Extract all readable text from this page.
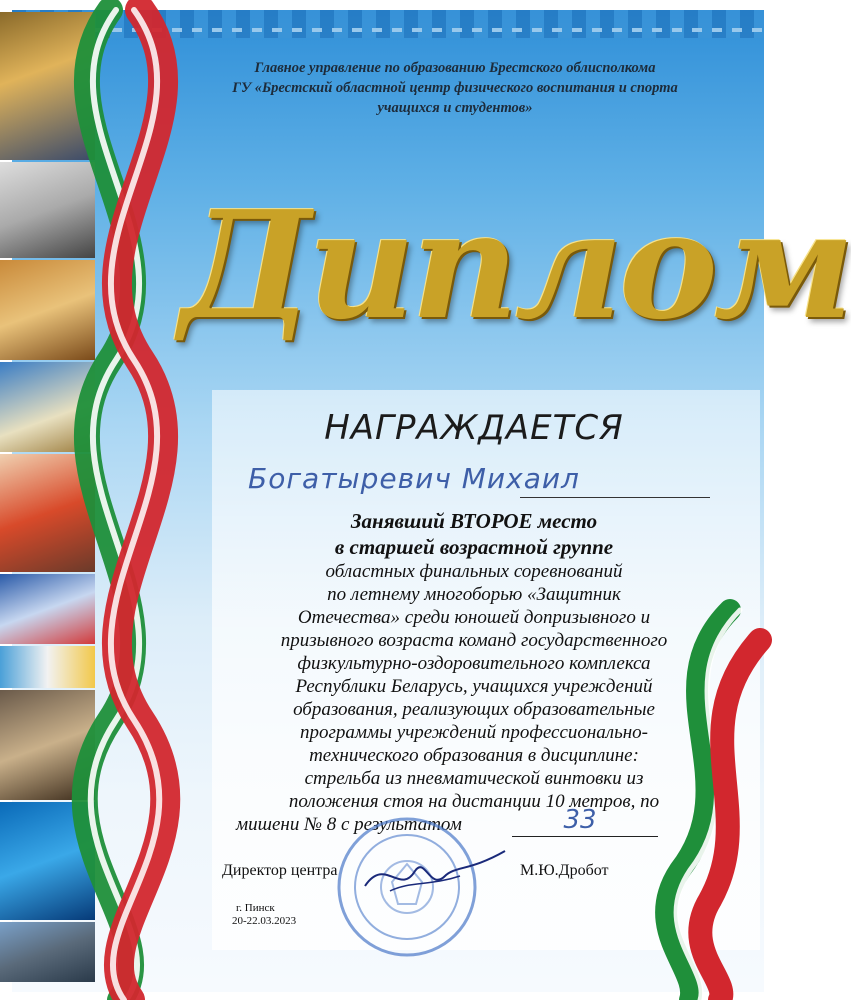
Главное управление по образованию Брестского облисполкома
ГУ «Брестский областной центр физического воспитания и спорта
учащихся и студентов»
Диплом
НАГРАЖДАЕТСЯ
Богатыревич Михаил
Занявший ВТОРОЕ место
в старшей возрастной группе
областных финальных соревнований
по летнему многоборью «Защитник
Отечества» среди юношей допризывного и
призывного возраста команд государственного
физкультурно-оздоровительного комплекса
Республики Беларусь, учащихся учреждений
образования, реализующих образовательные
программы учреждений профессионально-
технического образования в дисциплине:
стрельба из пневматической винтовки из
положения стоя на дистанции 10 метров, по
мишени № 8 с результатом	33
Директор центра	М.Ю.Дробот
г. Пинск
20-22.03.2023
